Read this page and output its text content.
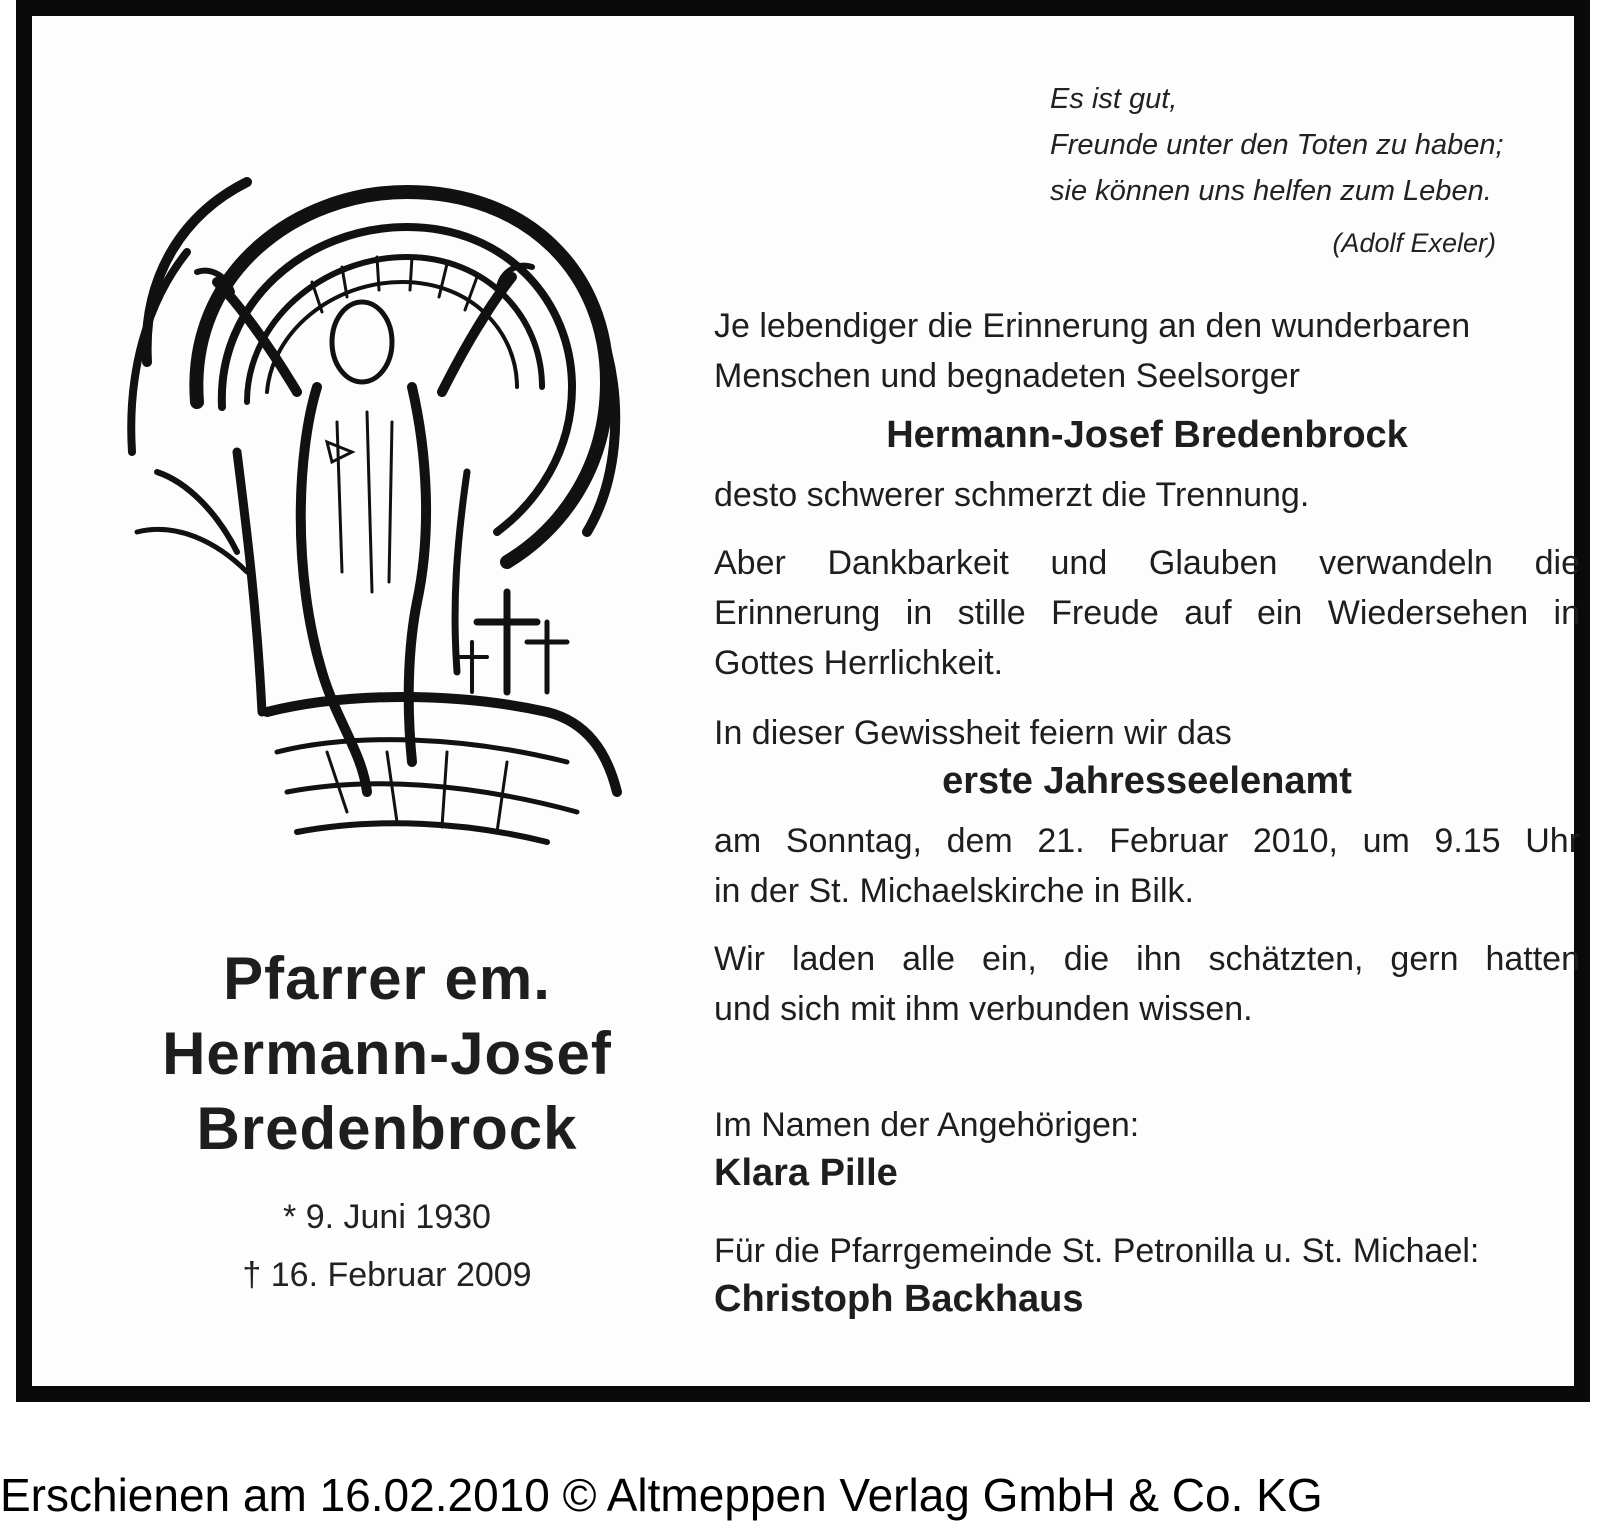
Es ist gut,
Freunde unter den Toten zu haben;
sie können uns helfen zum Leben.
(Adolf Exeler)
Je lebendiger die Erinnerung an den wunderbaren
Menschen und begnadeten Seelsorger
Hermann-Josef Bredenbrock
desto schwerer schmerzt die Trennung.
Aber Dankbarkeit und Glauben verwandeln die
Erinnerung in stille Freude auf ein Wiedersehen in
Gottes Herrlichkeit.
In dieser Gewissheit feiern wir das
erste Jahresseelenamt
am Sonntag, dem 21. Februar 2010, um 9.15 Uhr
in der St. Michaelskirche in Bilk.
Wir laden alle ein, die ihn schätzten, gern hatten
und sich mit ihm verbunden wissen.
Im Namen der Angehörigen:
Klara Pille
Für die Pfarrgemeinde St. Petronilla u. St. Michael:
Christoph Backhaus
Pfarrer em.
Hermann-Josef
Bredenbrock
* 9. Juni 1930
† 16. Februar 2009
Erschienen am 16.02.2010 © Altmeppen Verlag GmbH & Co. KG
